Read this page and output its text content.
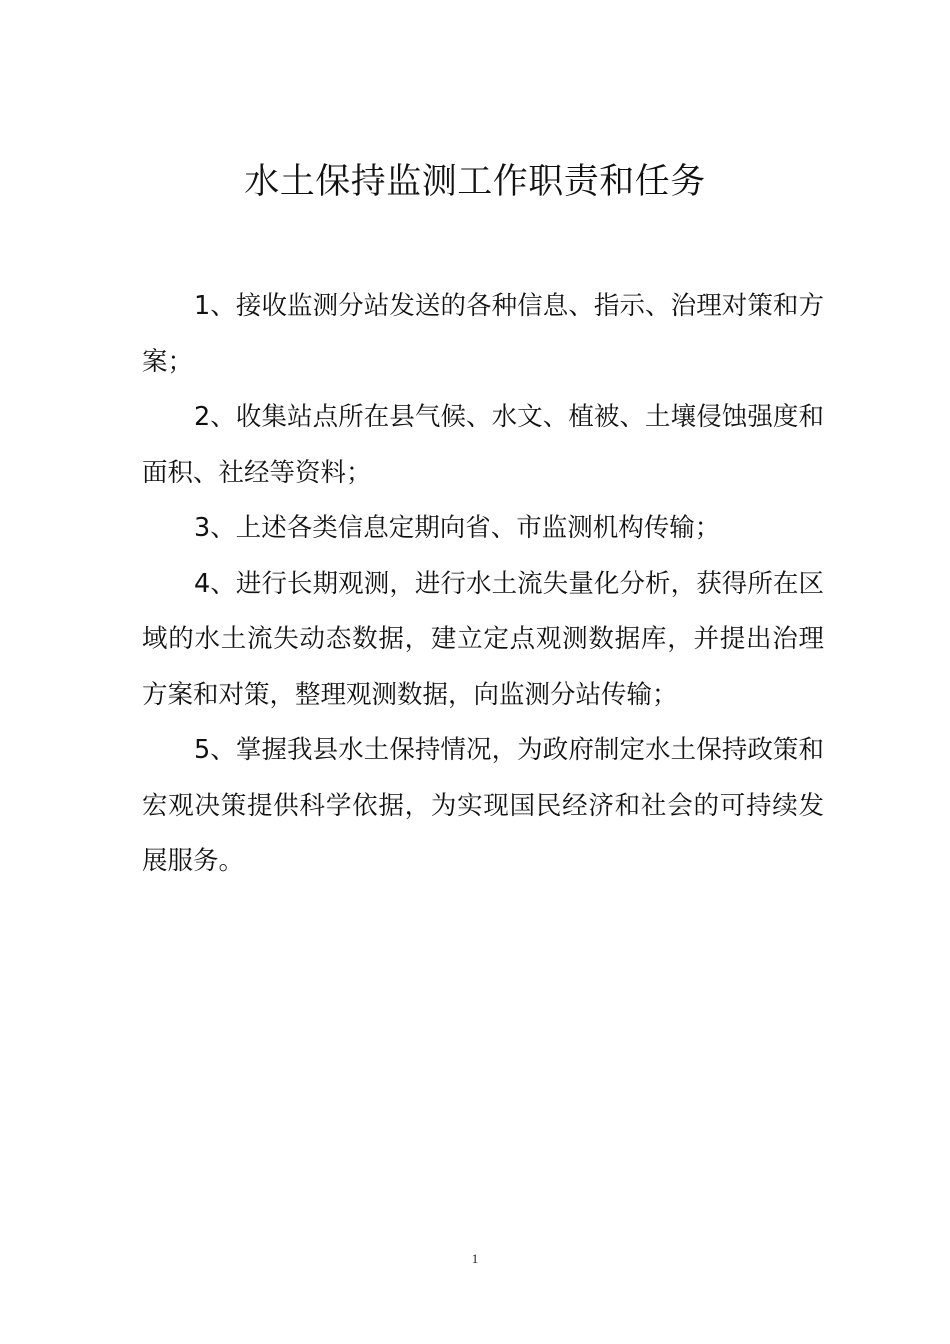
水土保持监测工作职责和任务

1、接收监测分站发送的各种信息、指示、治理对策和方案；

2、收集站点所在县气候、水文、植被、土壤侵蚀强度和面积、社经等资料；

3、上述各类信息定期向省、市监测机构传输；

4、进行长期观测，进行水土流失量化分析，获得所在区域的水土流失动态数据，建立定点观测数据库，并提出治理方案和对策，整理观测数据，向监测分站传输；

5、掌握我县水土保持情况，为政府制定水土保持政策和宏观决策提供科学依据，为实现国民经济和社会的可持续发展服务。

1
